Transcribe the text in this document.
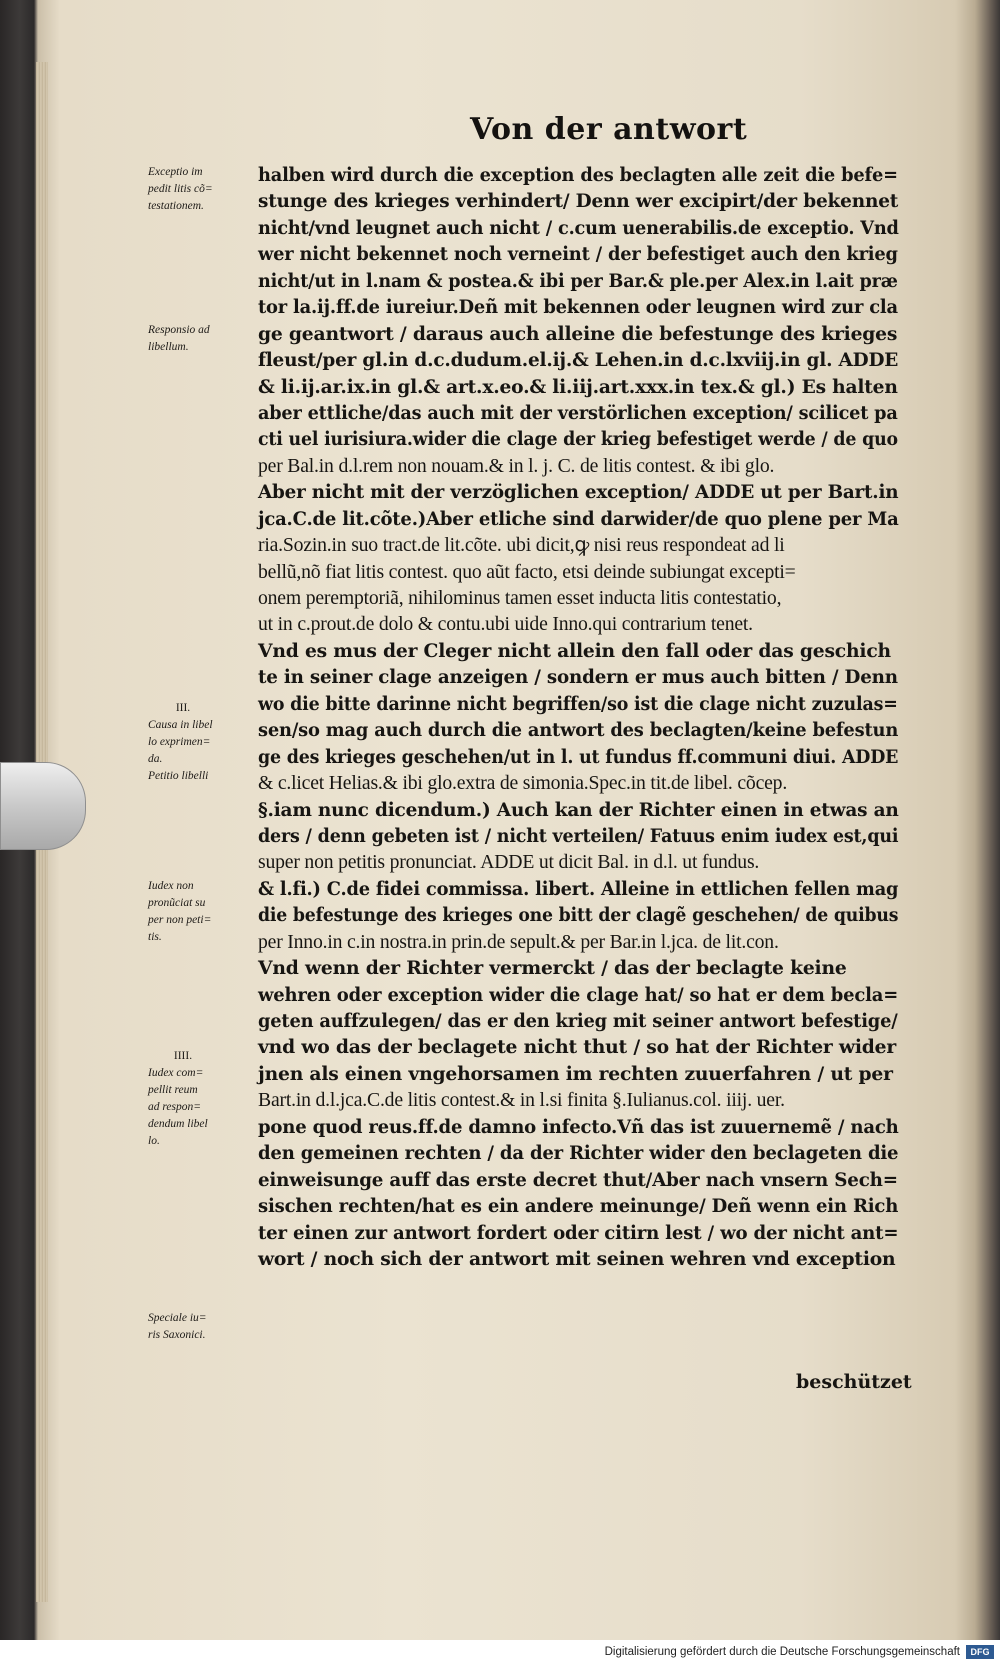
Von der antwort
Exceptio im
pedit litis cõ=
testationem.
Responsio ad
libellum.
III.
Causa in libel
lo exprimen=
da.
Petitio libelli
Iudex non
pronũciat su
per non peti=
tis.
IIII.
Iudex com=
pellit reum
ad respon=
dendum libel
lo.
Speciale iu=
ris Saxonici.
halben wird durch die exception des beclagten alle zeit die befe=
stunge des krieges verhindert/ Denn wer excipirt/der bekennet
nicht/vnd leugnet auch nicht / c.cum uenerabilis.de exceptio. Vnd
wer nicht bekennet noch verneint / der befestiget auch den krieg
nicht/ut in l.nam & postea.& ibi per Bar.& ple.per Alex.in l.ait præ
tor la.ij.ff.de iureiur.Deñ mit bekennen oder leugnen wird zur cla
ge geantwort / daraus auch alleine die befestunge des krieges
fleust/per gl.in d.c.dudum.el.ij.& Lehen.in d.c.lxviij.in gl. ADDE
& li.ij.ar.ix.in gl.& art.x.eo.& li.iij.art.xxx.in tex.& gl.) Es halten
aber ettliche/das auch mit der verstörlichen exception/ scilicet pa
cti uel iurisiura.wider die clage der krieg befestiget werde / de quo
per Bal.in d.l.rem non nouam.& in l. j. C. de litis contest. & ibi glo.
Aber nicht mit der verzöglichen exception/ ADDE ut per Bart.in
jca.C.de lit.cõte.)Aber etliche sind darwider/de quo plene per Ma
ria.Sozin.in suo tract.de lit.cõte. ubi dicit,ꝙ nisi reus respondeat ad li
bellũ,nõ fiat litis contest. quo aũt facto, etsi deinde subiungat excepti=
onem peremptoriã, nihilominus tamen esset inducta litis contestatio,
ut in c.prout.de dolo & contu.ubi uide Inno.qui contrarium tenet.
Vnd es mus der Cleger nicht allein den fall oder das geschich
te in seiner clage anzeigen / sondern er mus auch bitten / Denn
wo die bitte darinne nicht begriffen/so ist die clage nicht zuzulas=
sen/so mag auch durch die antwort des beclagten/keine befestun
ge des krieges geschehen/ut in l. ut fundus ff.communi diui. ADDE
& c.licet Helias.& ibi glo.extra de simonia.Spec.in tit.de libel. cõcep.
§.iam nunc dicendum.) Auch kan der Richter einen in etwas an
ders / denn gebeten ist / nicht verteilen/ Fatuus enim iudex est,qui
super non petitis pronunciat. ADDE ut dicit Bal. in d.l. ut fundus.
& l.fi.) C.de fidei commissa. libert. Alleine in ettlichen fellen mag
die befestunge des krieges one bitt der clagẽ geschehen/ de quibus
per Inno.in c.in nostra.in prin.de sepult.& per Bar.in l.jca. de lit.con.
Vnd wenn der Richter vermerckt / das der beclagte keine
wehren oder exception wider die clage hat/ so hat er dem becla=
geten auffzulegen/ das er den krieg mit seiner antwort befestige/
vnd wo das der beclagete nicht thut / so hat der Richter wider
jnen als einen vngehorsamen im rechten zuuerfahren / ut per
Bart.in d.l.jca.C.de litis contest.& in l.si finita §.Iulianus.col. iiij. uer.
pone quod reus.ff.de damno infecto.Vñ das ist zuuernemẽ / nach
den gemeinen rechten / da der Richter wider den beclageten die
einweisunge auff das erste decret thut/Aber nach vnsern Sech=
sischen rechten/hat es ein andere meinunge/ Deñ wenn ein Rich
ter einen zur antwort fordert oder citirn lest / wo der nicht ant=
wort / noch sich der antwort mit seinen wehren vnd exception
beschützet
Digitalisierung gefördert durch die Deutsche Forschungsgemeinschaft	DFG
